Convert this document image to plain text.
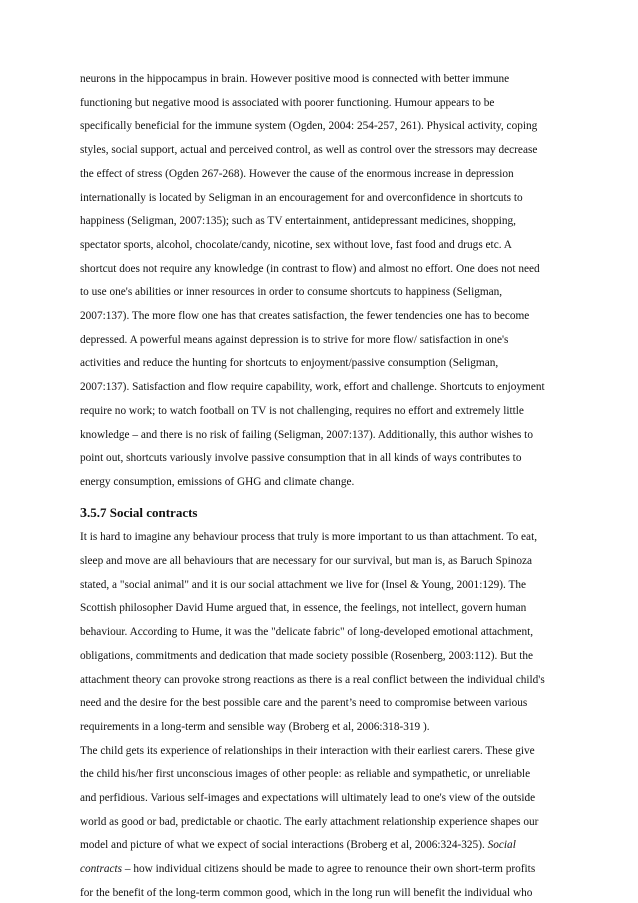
neurons in the hippocampus in brain. However positive mood is connected with better immune
functioning but negative mood is associated with poorer functioning. Humour appears to be
specifically beneficial for the immune system (Ogden, 2004: 254-257, 261). Physical activity, coping
styles, social support, actual and perceived control, as well as control over the stressors may decrease
the effect of stress (Ogden 267-268). However the cause of the enormous increase in depression
internationally is located by Seligman in an encouragement for and overconfidence in shortcuts to
happiness (Seligman, 2007:135); such as TV entertainment, antidepressant medicines, shopping,
spectator sports, alcohol, chocolate/candy, nicotine, sex without love, fast food and drugs etc. A
shortcut does not require any knowledge (in contrast to flow) and almost no effort. One does not need
to use one's abilities or inner resources in order to consume shortcuts to happiness (Seligman,
2007:137). The more flow one has that creates satisfaction, the fewer tendencies one has to become
depressed. A powerful means against depression is to strive for more flow/ satisfaction in one's
activities and reduce the hunting for shortcuts to enjoyment/passive consumption (Seligman,
2007:137). Satisfaction and flow require capability, work, effort and challenge. Shortcuts to enjoyment
require no work; to watch football on TV is not challenging, requires no effort and extremely little
knowledge – and there is no risk of failing (Seligman, 2007:137). Additionally, this author wishes to
point out, shortcuts variously involve passive consumption that in all kinds of ways contributes to
energy consumption, emissions of GHG and climate change.
3.5.7 Social contracts
It is hard to imagine any behaviour process that truly is more important to us than attachment. To eat,
sleep and move are all behaviours that are necessary for our survival, but man is, as Baruch Spinoza
stated, a "social animal" and it is our social attachment we live for (Insel & Young, 2001:129). The
Scottish philosopher David Hume argued that, in essence, the feelings, not intellect, govern human
behaviour. According to Hume, it was the "delicate fabric" of long-developed emotional attachment,
obligations, commitments and dedication that made society possible (Rosenberg, 2003:112). But the
attachment theory can provoke strong reactions as there is a real conflict between the individual child's
need and the desire for the best possible care and the parent’s need to compromise between various
requirements in a long-term and sensible way (Broberg et al, 2006:318-319 ).
The child gets its experience of relationships in their interaction with their earliest carers. These give
the child his/her first unconscious images of other people: as reliable and sympathetic, or unreliable
and perfidious. Various self-images and expectations will ultimately lead to one's view of the outside
world as good or bad, predictable or chaotic. The early attachment relationship experience shapes our
model and picture of what we expect of social interactions (Broberg et al, 2006:324-325). Social
contracts – how individual citizens should be made to agree to renounce their own short-term profits
for the benefit of the long-term common good, which in the long run will benefit the individual who
